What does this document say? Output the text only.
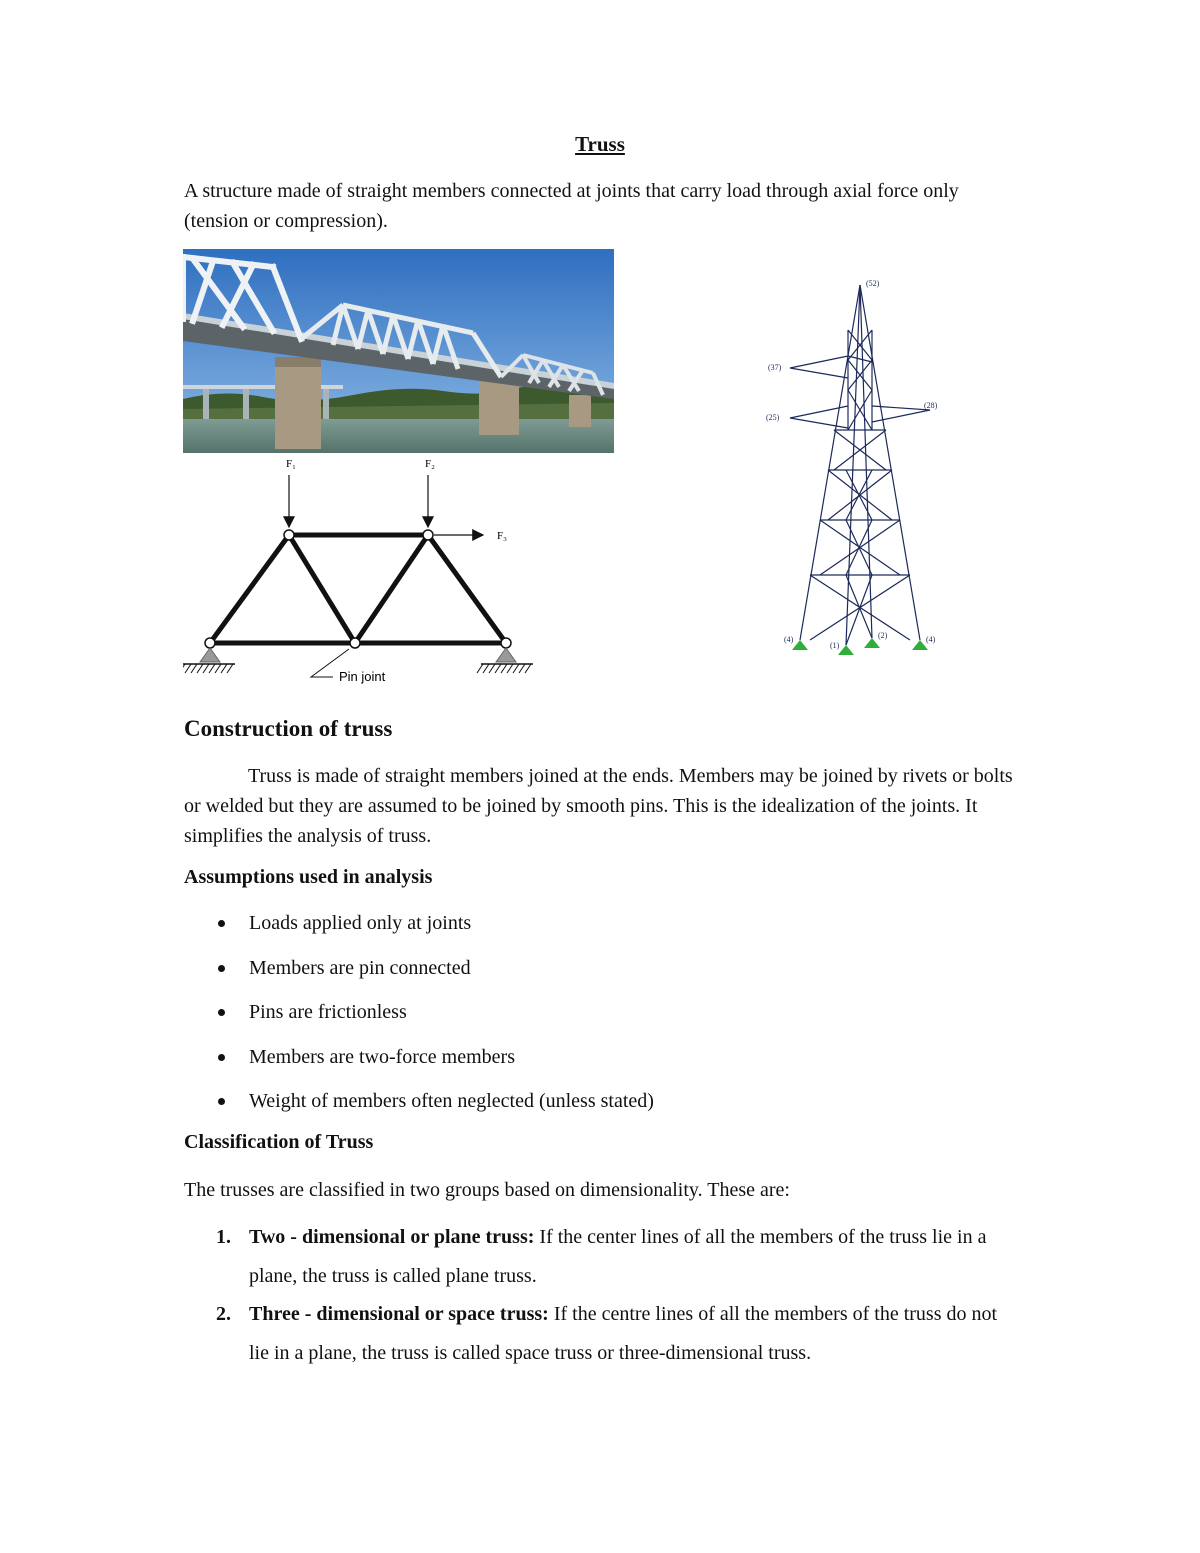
Truss
A structure made of straight members connected at joints that carry load through axial force only (tension or compression).
F₁	F₂
F₃
Pin joint
(52)
(37)
(25)
(28)
(4)
(1)
(2)	(4)
Construction of truss
Truss is made of straight members joined at the ends. Members may be joined by rivets or bolts or welded but they are assumed to be joined by smooth pins. This is the idealization of the joints. It simplifies the analysis of truss.
Assumptions used in analysis
Loads applied only at joints
Members are pin connected
Pins are frictionless
Members are two-force members
Weight of members often neglected (unless stated)
Classification of Truss
The trusses are classified in two groups based on dimensionality. These are:
1. Two - dimensional or plane truss: If the center lines of all the members of the truss lie in a plane, the truss is called plane truss.
2. Three - dimensional or space truss: If the centre lines of all the members of the truss do not lie in a plane, the truss is called space truss or three-dimensional truss.
